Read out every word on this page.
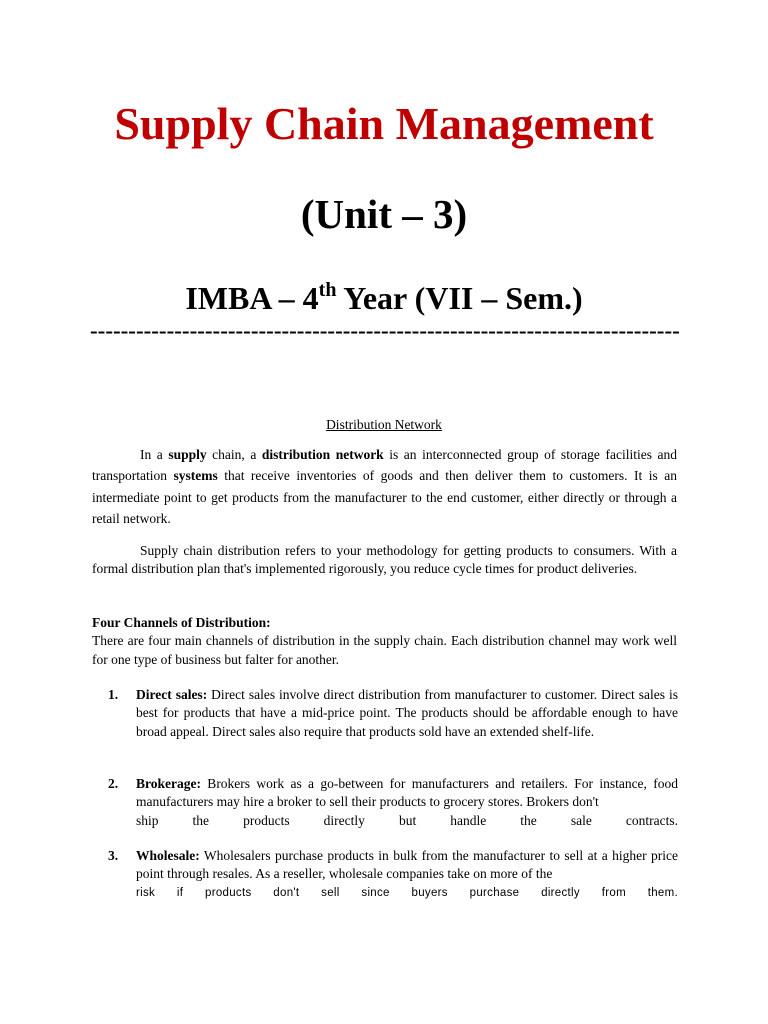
Supply Chain Management
(Unit – 3)
IMBA – 4th Year (VII – Sem.)
-----------------------------------------------------------------------------
Distribution Network
In a supply chain, a distribution network is an interconnected group of storage facilities and transportation systems that receive inventories of goods and then deliver them to customers. It is an intermediate point to get products from the manufacturer to the end customer, either directly or through a retail network.
Supply chain distribution refers to your methodology for getting products to consumers. With a formal distribution plan that's implemented rigorously, you reduce cycle times for product deliveries.
Four Channels of Distribution:
There are four main channels of distribution in the supply chain. Each distribution channel may work well for one type of business but falter for another.
1.	Direct sales: Direct sales involve direct distribution from manufacturer to customer. Direct sales is best for products that have a mid-price point. The products should be affordable enough to have broad appeal. Direct sales also require that products sold have an extended shelf-life.
2.	Brokerage: Brokers work as a go-between for manufacturers and retailers. For instance, food manufacturers may hire a broker to sell their products to grocery stores. Brokers don't
ship the products directly but handle the sale contracts.
3.	Wholesale: Wholesalers purchase products in bulk from the manufacturer to sell at a higher price point through resales. As a reseller, wholesale companies take on more of the
risk if products don't sell since buyers purchase directly from them.
